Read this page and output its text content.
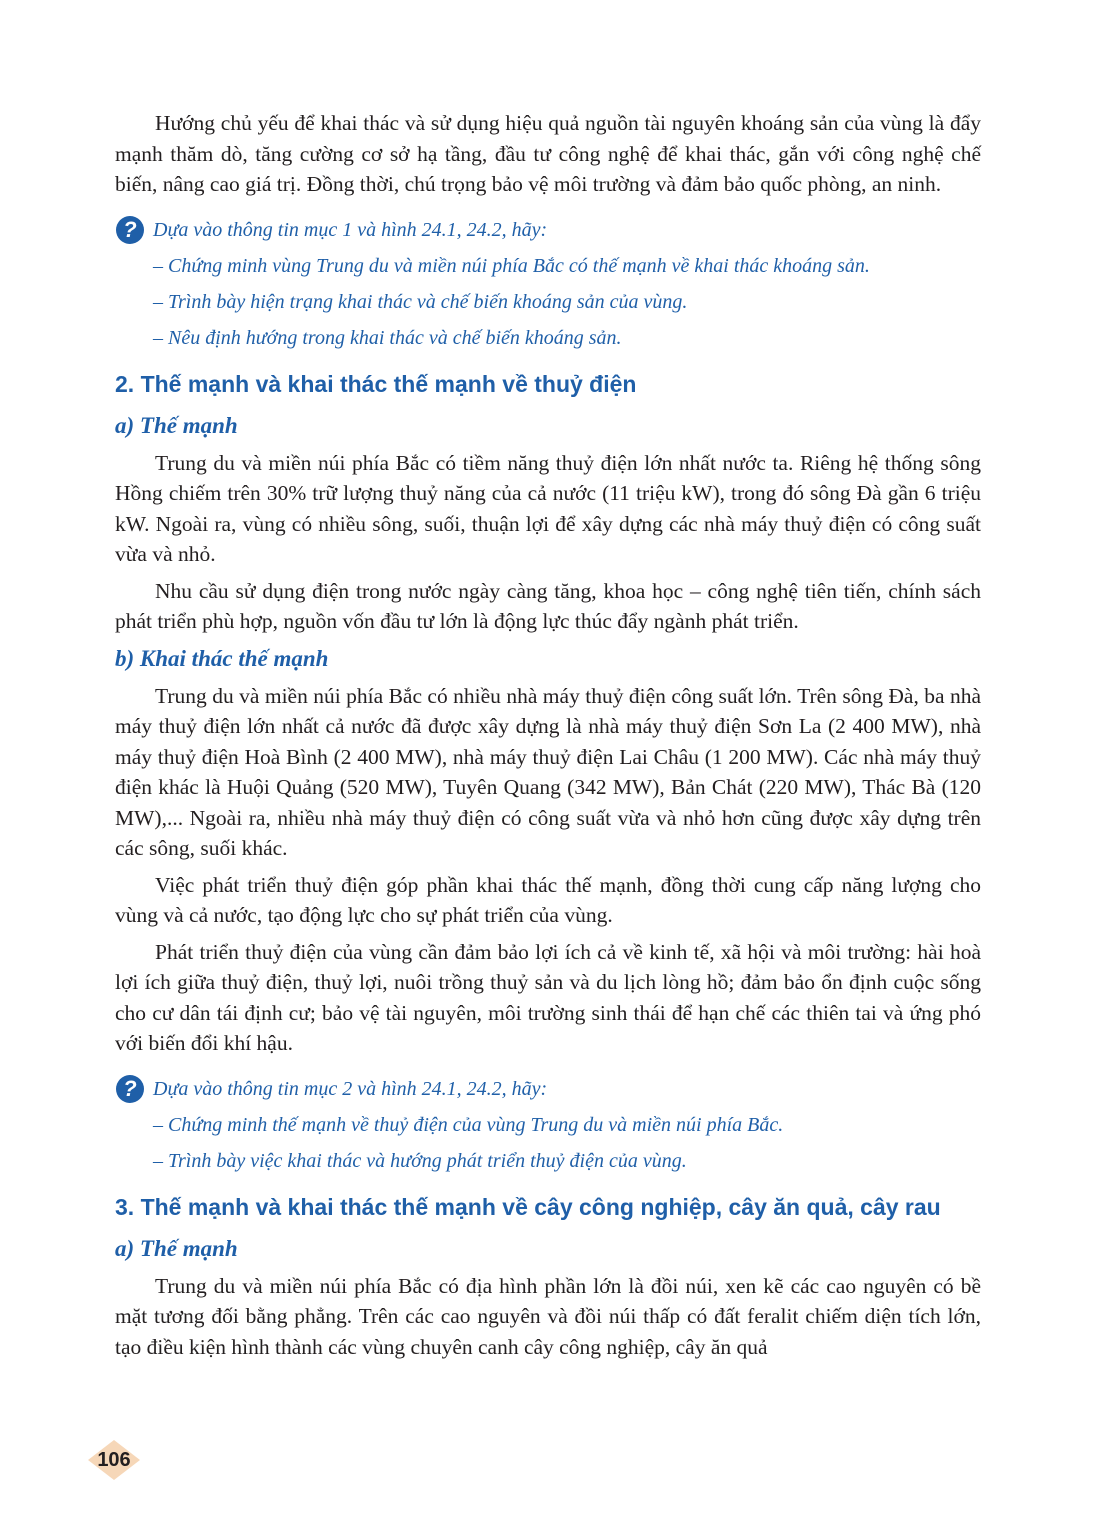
Hướng chủ yếu để khai thác và sử dụng hiệu quả nguồn tài nguyên khoáng sản của vùng là đẩy mạnh thăm dò, tăng cường cơ sở hạ tầng, đầu tư công nghệ để khai thác, gắn với công nghệ chế biến, nâng cao giá trị. Đồng thời, chú trọng bảo vệ môi trường và đảm bảo quốc phòng, an ninh.

? Dựa vào thông tin mục 1 và hình 24.1, 24.2, hãy:
– Chứng minh vùng Trung du và miền núi phía Bắc có thế mạnh về khai thác khoáng sản.
– Trình bày hiện trạng khai thác và chế biến khoáng sản của vùng.
– Nêu định hướng trong khai thác và chế biến khoáng sản.
2. Thế mạnh và khai thác thế mạnh về thuỷ điện
a) Thế mạnh

Trung du và miền núi phía Bắc có tiềm năng thuỷ điện lớn nhất nước ta. Riêng hệ thống sông Hồng chiếm trên 30% trữ lượng thuỷ năng của cả nước (11 triệu kW), trong đó sông Đà gần 6 triệu kW. Ngoài ra, vùng có nhiều sông, suối, thuận lợi để xây dựng các nhà máy thuỷ điện có công suất vừa và nhỏ.

Nhu cầu sử dụng điện trong nước ngày càng tăng, khoa học – công nghệ tiên tiến, chính sách phát triển phù hợp, nguồn vốn đầu tư lớn là động lực thúc đẩy ngành phát triển.

b) Khai thác thế mạnh

Trung du và miền núi phía Bắc có nhiều nhà máy thuỷ điện công suất lớn. Trên sông Đà, ba nhà máy thuỷ điện lớn nhất cả nước đã được xây dựng là nhà máy thuỷ điện Sơn La (2 400 MW), nhà máy thuỷ điện Hoà Bình (2 400 MW), nhà máy thuỷ điện Lai Châu (1 200 MW). Các nhà máy thuỷ điện khác là Huội Quảng (520 MW), Tuyên Quang (342 MW), Bản Chát (220 MW), Thác Bà (120 MW),... Ngoài ra, nhiều nhà máy thuỷ điện có công suất vừa và nhỏ hơn cũng được xây dựng trên các sông, suối khác.

Việc phát triển thuỷ điện góp phần khai thác thế mạnh, đồng thời cung cấp năng lượng cho vùng và cả nước, tạo động lực cho sự phát triển của vùng.

Phát triển thuỷ điện của vùng cần đảm bảo lợi ích cả về kinh tế, xã hội và môi trường: hài hoà lợi ích giữa thuỷ điện, thuỷ lợi, nuôi trồng thuỷ sản và du lịch lòng hồ; đảm bảo ổn định cuộc sống cho cư dân tái định cư; bảo vệ tài nguyên, môi trường sinh thái để hạn chế các thiên tai và ứng phó với biến đổi khí hậu.

? Dựa vào thông tin mục 2 và hình 24.1, 24.2, hãy:
– Chứng minh thế mạnh về thuỷ điện của vùng Trung du và miền núi phía Bắc.
– Trình bày việc khai thác và hướng phát triển thuỷ điện của vùng.
3. Thế mạnh và khai thác thế mạnh về cây công nghiệp, cây ăn quả, cây rau
a) Thế mạnh

Trung du và miền núi phía Bắc có địa hình phần lớn là đồi núi, xen kẽ các cao nguyên có bề mặt tương đối bằng phẳng. Trên các cao nguyên và đồi núi thấp có đất feralit chiếm diện tích lớn, tạo điều kiện hình thành các vùng chuyên canh cây công nghiệp, cây ăn quả

106
